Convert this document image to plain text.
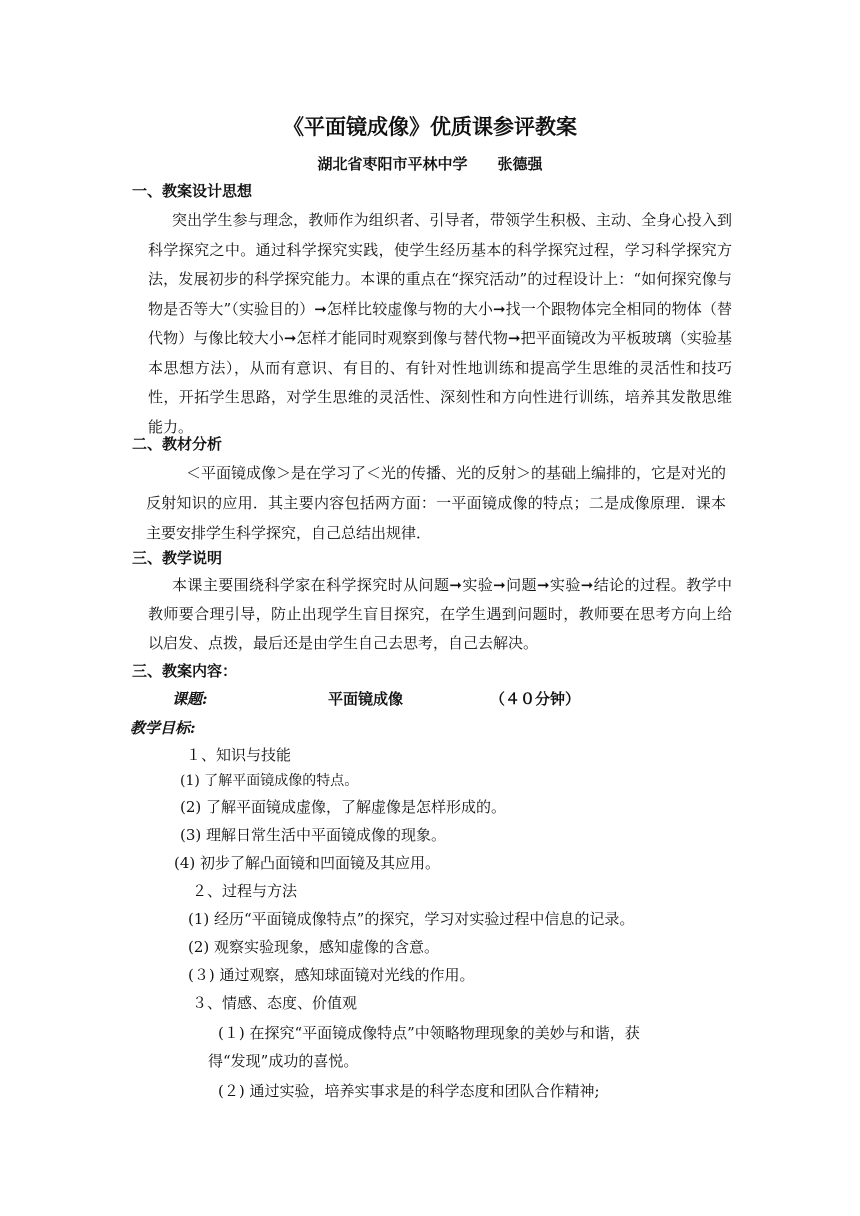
《平面镜成像》优质课参评教案
湖北省枣阳市平林中学 张德强
一、教案设计思想
突出学生参与理念，教师作为组织者、引导者，带领学生积极、主动、全身心投入到科学探究之中。通过科学探究实践，使学生经历基本的科学探究过程，学习科学探究方法，发展初步的科学探究能力。本课的重点在“探究活动”的过程设计上：“如何探究像与物是否等大”（实验目的）➞怎样比较虚像与物的大小➞找一个跟物体完全相同的物体（替代物）与像比较大小➞怎样才能同时观察到像与替代物➞把平面镜改为平板玻璃（实验基本思想方法），从而有意识、有目的、有针对性地训练和提高学生思维的灵活性和技巧性，开拓学生思路，对学生思维的灵活性、深刻性和方向性进行训练，培养其发散思维能力。
二、教材分析
＜平面镜成像＞是在学习了＜光的传播、光的反射＞的基础上编排的，它是对光的反射知识的应用．其主要内容包括两方面：一平面镜成像的特点；二是成像原理．课本主要安排学生科学探究，自己总结出规律．
三、教学说明
本课主要围绕科学家在科学探究时从问题➞实验➞问题➞实验➞结论的过程。教学中教师要合理引导，防止出现学生盲目探究，在学生遇到问题时，教师要在思考方向上给以启发、点拨，最后还是由学生自己去思考，自己去解决。
三、教案内容：
课题:	平面镜成像	（４０分钟）
教学目标:
１、知识与技能
(1) 了解平面镜成像的特点。
(2) 了解平面镜成虚像，了解虚像是怎样形成的。
(3) 理解日常生活中平面镜成像的现象。
(4) 初步了解凸面镜和凹面镜及其应用。
２、过程与方法
(1) 经历“平面镜成像特点”的探究，学习对实验过程中信息的记录。
(2) 观察实验现象，感知虚像的含意。
(３) 通过观察，感知球面镜对光线的作用。
３、情感、态度、价值观
(１) 在探究“平面镜成像特点”中领略物理现象的美妙与和谐，获
得“发现”成功的喜悦。
(２) 通过实验，培养实事求是的科学态度和团队合作精神;
